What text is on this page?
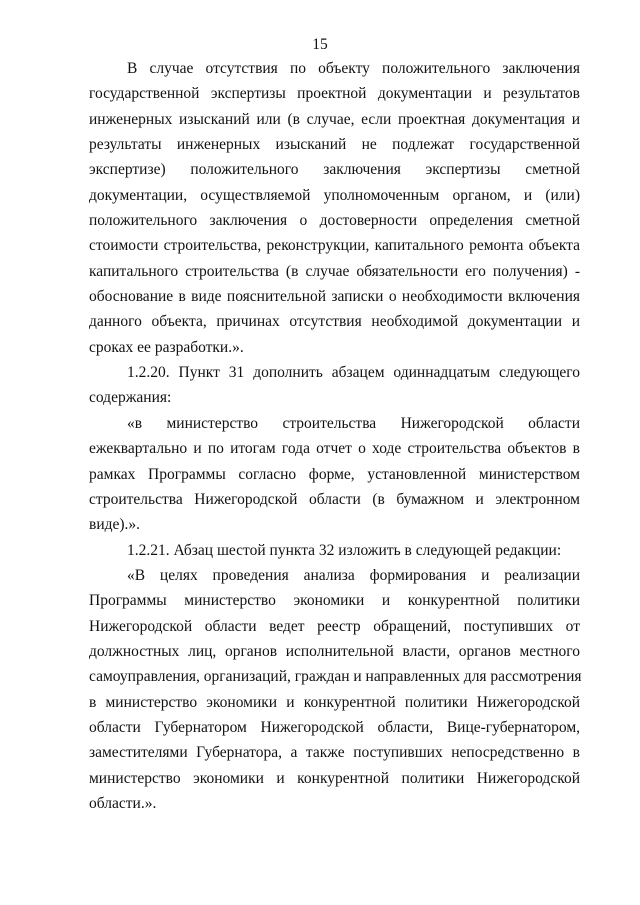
15
В случае отсутствия по объекту положительного заключения
государственной экспертизы проектной документации и результатов
инженерных изысканий или (в случае, если проектная документация и
результаты инженерных изысканий не подлежат государственной
экспертизе) положительного заключения экспертизы сметной
документации, осуществляемой уполномоченным органом, и (или)
положительного заключения о достоверности определения сметной
стоимости строительства, реконструкции, капитального ремонта объекта
капитального строительства (в случае обязательности его получения) -
обоснование в виде пояснительной записки о необходимости включения
данного объекта, причинах отсутствия необходимой документации и
сроках ее разработки.».
1.2.20. Пункт 31 дополнить абзацем одиннадцатым следующего
содержания:
«в министерство строительства Нижегородской области
ежеквартально и по итогам года отчет о ходе строительства объектов в
рамках Программы согласно форме, установленной министерством
строительства Нижегородской области (в бумажном и электронном
виде).».
1.2.21. Абзац шестой пункта 32 изложить в следующей редакции:
«В целях проведения анализа формирования и реализации
Программы министерство экономики и конкурентной политики
Нижегородской области ведет реестр обращений, поступивших от
должностных лиц, органов исполнительной власти, органов местного
самоуправления, организаций, граждан и направленных для рассмотрения
в министерство экономики и конкурентной политики Нижегородской
области Губернатором Нижегородской области, Вице-губернатором,
заместителями Губернатора, а также поступивших непосредственно в
министерство экономики и конкурентной политики Нижегородской
области.».
